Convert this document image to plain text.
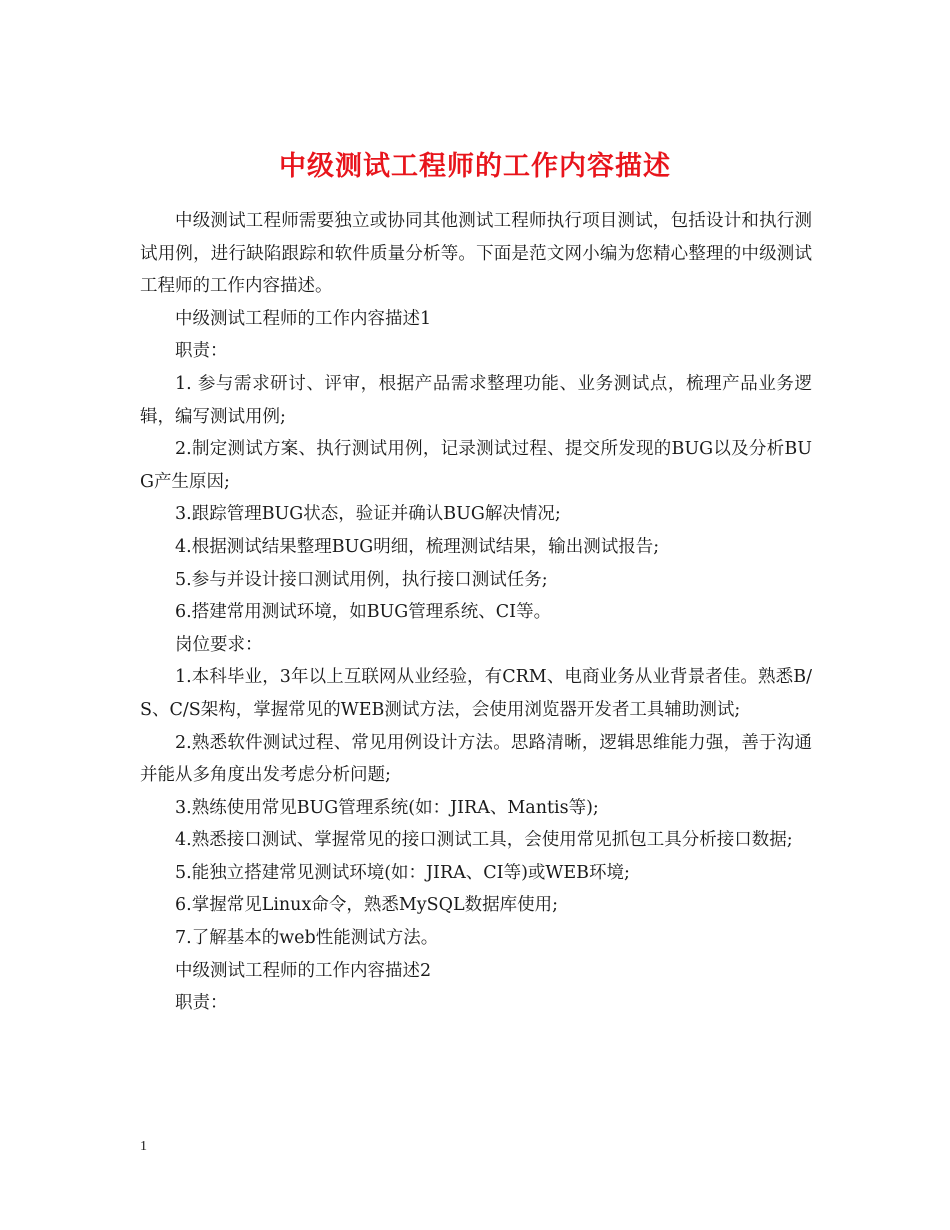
中级测试工程师的工作内容描述

中级测试工程师需要独立或协同其他测试工程师执行项目测试，包括设计和执行测试用例，进行缺陷跟踪和软件质量分析等。下面是范文网小编为您精心整理的中级测试工程师的工作内容描述。

中级测试工程师的工作内容描述1

职责：

1. 参与需求研讨、评审，根据产品需求整理功能、业务测试点，梳理产品业务逻辑，编写测试用例;

2.制定测试方案、执行测试用例，记录测试过程、提交所发现的BUG以及分析BUG产生原因;

3.跟踪管理BUG状态，验证并确认BUG解决情况;

4.根据测试结果整理BUG明细，梳理测试结果，输出测试报告;

5.参与并设计接口测试用例，执行接口测试任务;

6.搭建常用测试环境，如BUG管理系统、CI等。

岗位要求：

1.本科毕业，3年以上互联网从业经验，有CRM、电商业务从业背景者佳。熟悉B/S、C/S架构，掌握常见的WEB测试方法，会使用浏览器开发者工具辅助测试;

2.熟悉软件测试过程、常见用例设计方法。思路清晰，逻辑思维能力强，善于沟通并能从多角度出发考虑分析问题;

3.熟练使用常见BUG管理系统(如：JIRA、Mantis等);

4.熟悉接口测试、掌握常见的接口测试工具，会使用常见抓包工具分析接口数据;

5.能独立搭建常见测试环境(如：JIRA、CI等)或WEB环境;

6.掌握常见Linux命令，熟悉MySQL数据库使用;

7.了解基本的web性能测试方法。

中级测试工程师的工作内容描述2

职责：

1
